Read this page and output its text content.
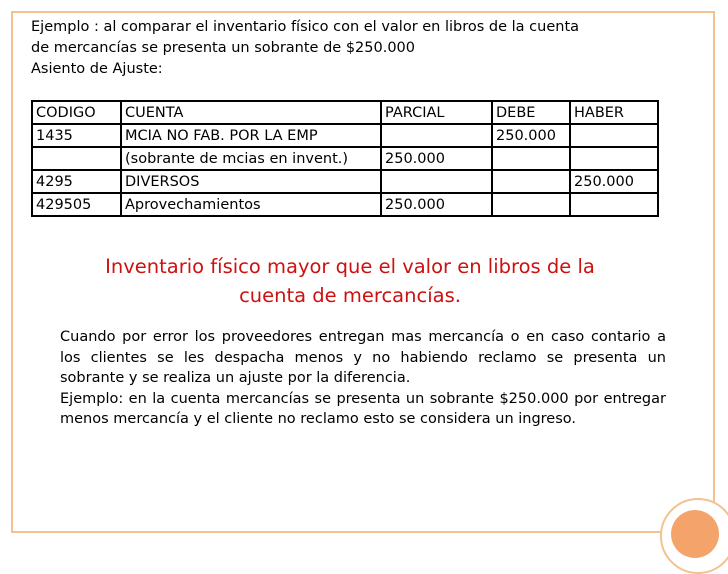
Ejemplo : al comparar el inventario físico con el valor en libros de la cuenta
de mercancías se presenta un sobrante de $250.000
Asiento de Ajuste:
CODIGO	CUENTA	PARCIAL	DEBE	HABER
1435	MCIA NO FAB. POR LA EMP		250.000	
	(sobrante de mcias en invent.)	250.000		
4295	DIVERSOS			250.000
429505	Aprovechamientos	250.000		
Inventario físico mayor que el valor en libros de la
cuenta de mercancías.

Cuando por error los proveedores entregan mas mercancía o en caso contario a los clientes se les despacha menos y no habiendo reclamo se presenta un sobrante y se realiza un ajuste por la diferencia.

Ejemplo: en la cuenta mercancías se presenta un sobrante $250.000 por entregar menos mercancía y el cliente no reclamo esto se considera un ingreso.
